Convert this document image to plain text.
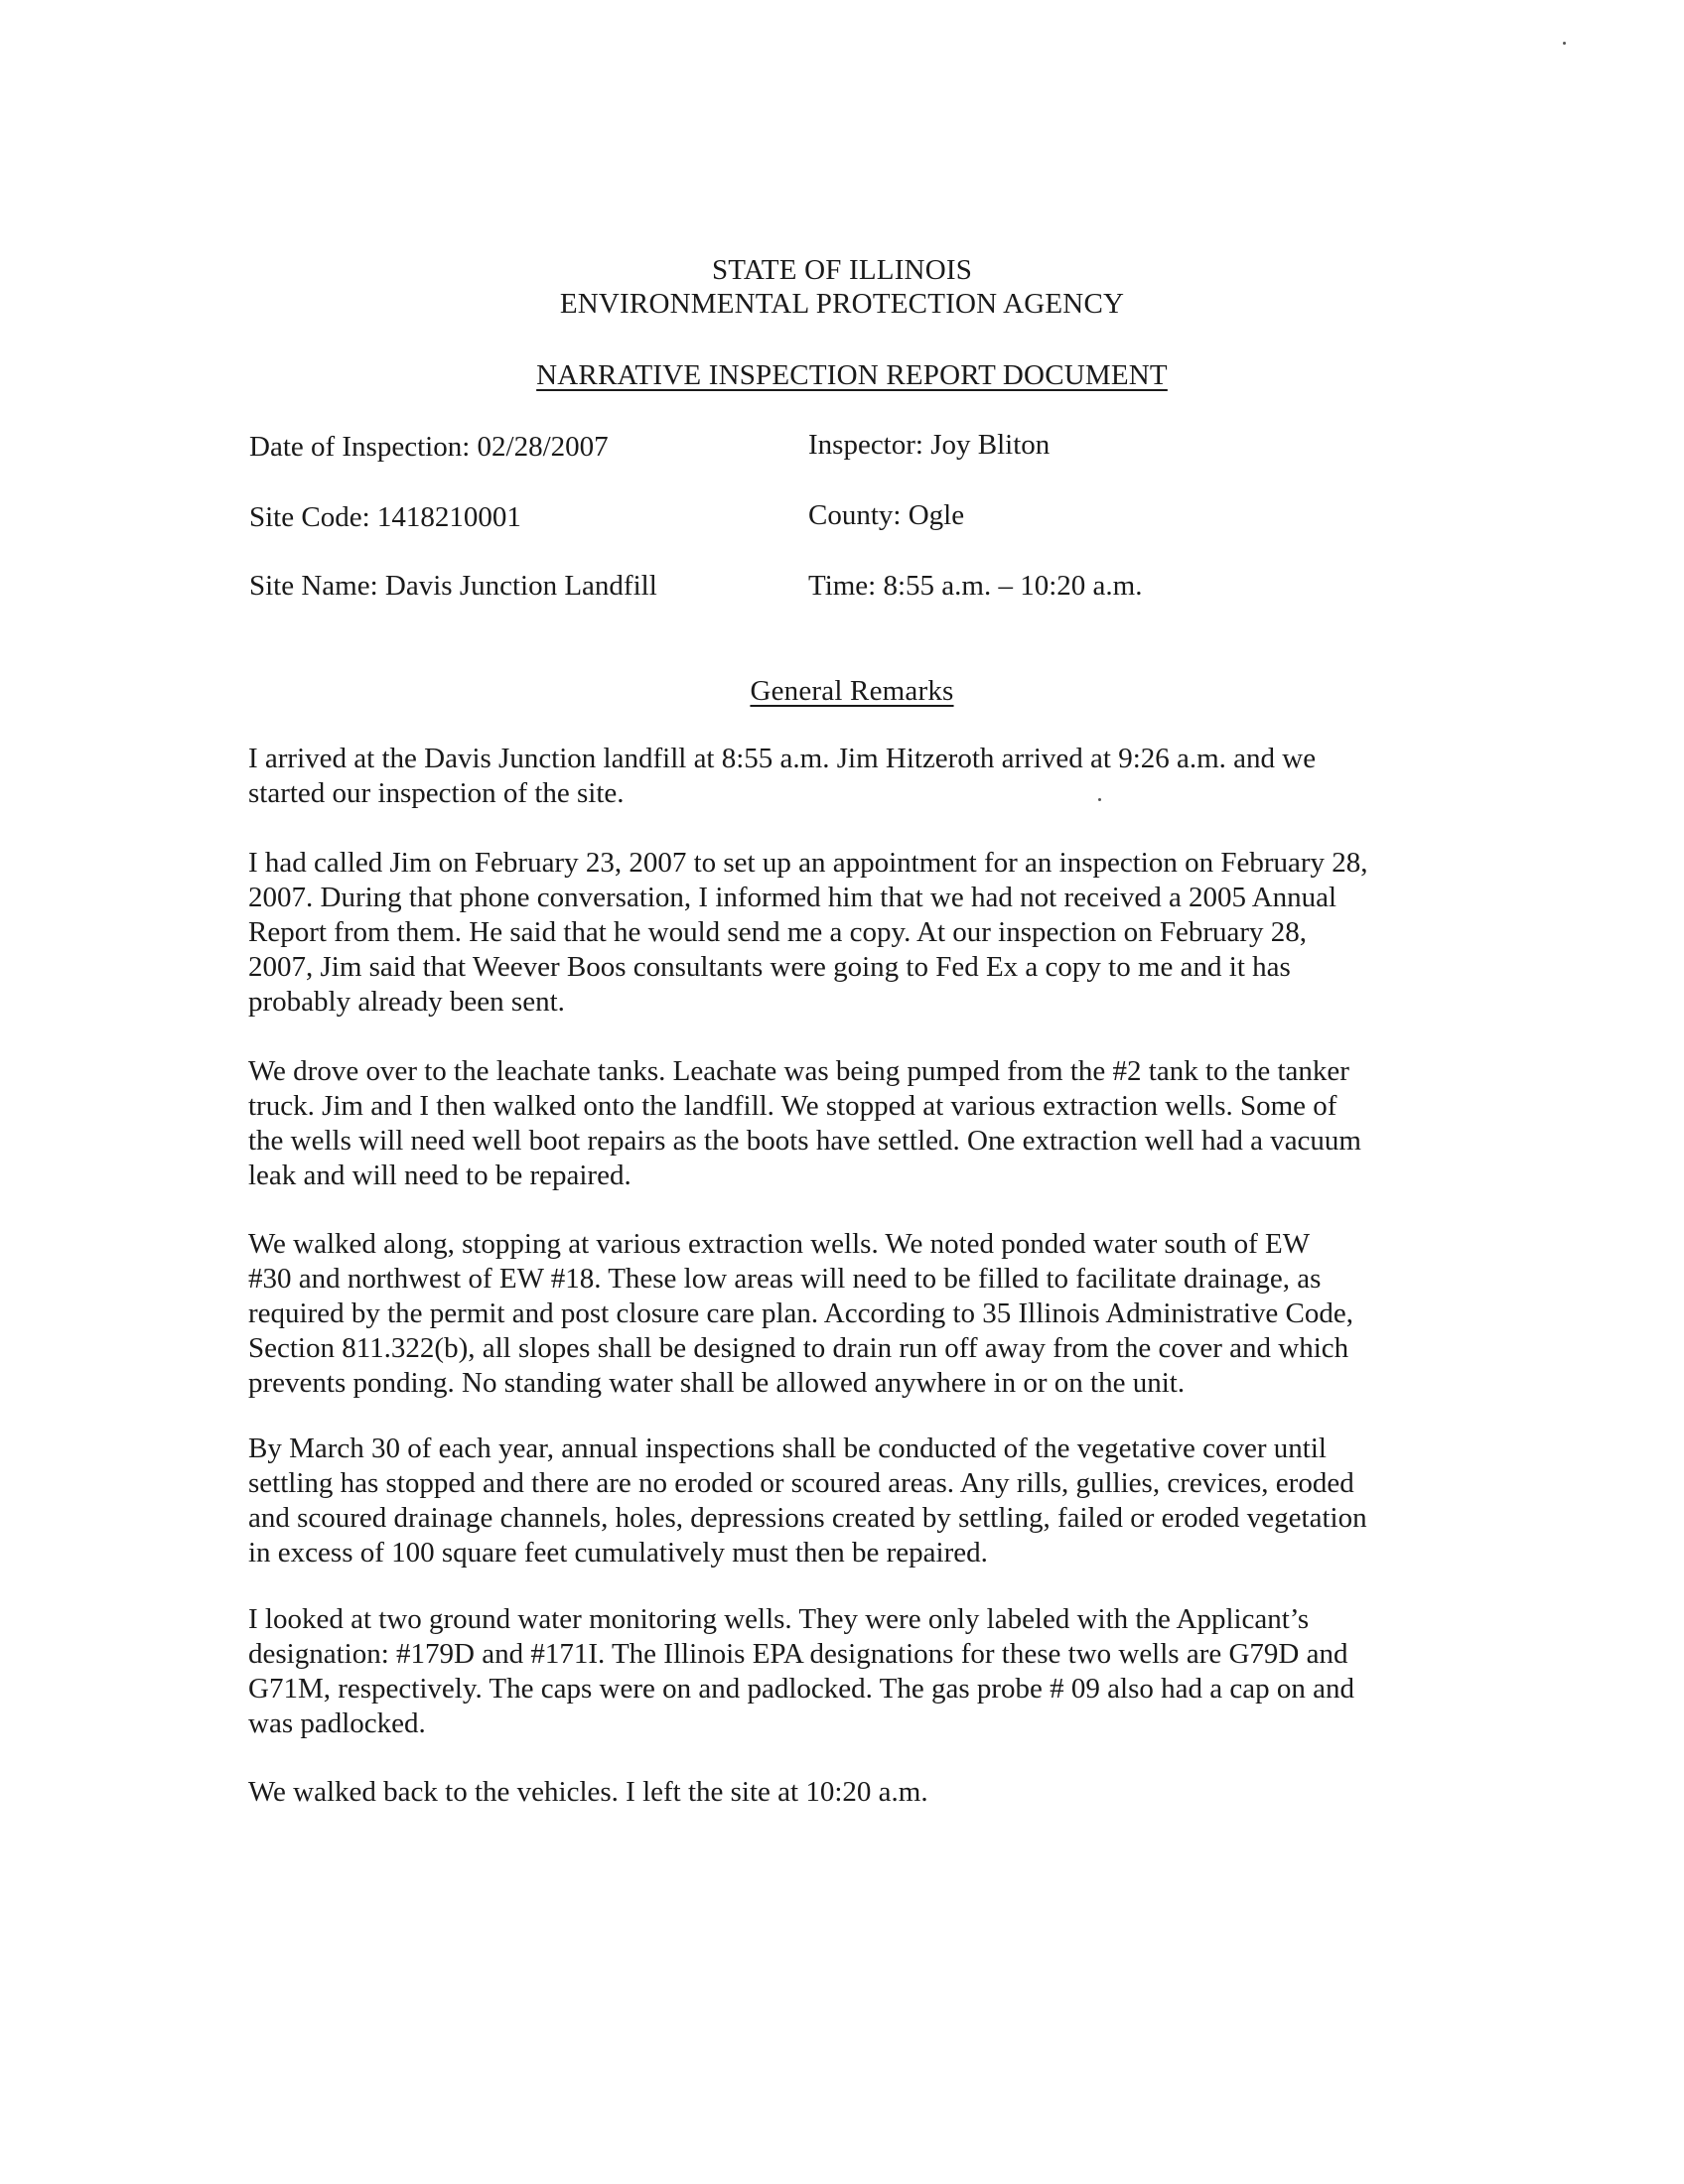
STATE OF ILLINOIS
ENVIRONMENTAL PROTECTION AGENCY
NARRATIVE INSPECTION REPORT DOCUMENT
Date of Inspection: 02/28/2007	Inspector: Joy Bliton
Site Code: 1418210001	County: Ogle
Site Name: Davis Junction Landfill	Time: 8:55 a.m. – 10:20 a.m.
General Remarks
I arrived at the Davis Junction landfill at 8:55 a.m. Jim Hitzeroth arrived at 9:26 a.m. and we
started our inspection of the site.
I had called Jim on February 23, 2007 to set up an appointment for an inspection on February 28,
2007. During that phone conversation, I informed him that we had not received a 2005 Annual
Report from them. He said that he would send me a copy. At our inspection on February 28,
2007, Jim said that Weever Boos consultants were going to Fed Ex a copy to me and it has
probably already been sent.
We drove over to the leachate tanks. Leachate was being pumped from the #2 tank to the tanker
truck. Jim and I then walked onto the landfill. We stopped at various extraction wells. Some of
the wells will need well boot repairs as the boots have settled. One extraction well had a vacuum
leak and will need to be repaired.
We walked along, stopping at various extraction wells. We noted ponded water south of EW
#30 and northwest of EW #18. These low areas will need to be filled to facilitate drainage, as
required by the permit and post closure care plan. According to 35 Illinois Administrative Code,
Section 811.322(b), all slopes shall be designed to drain run off away from the cover and which
prevents ponding. No standing water shall be allowed anywhere in or on the unit.
By March 30 of each year, annual inspections shall be conducted of the vegetative cover until
settling has stopped and there are no eroded or scoured areas. Any rills, gullies, crevices, eroded
and scoured drainage channels, holes, depressions created by settling, failed or eroded vegetation
in excess of 100 square feet cumulatively must then be repaired.
I looked at two ground water monitoring wells. They were only labeled with the Applicant’s
designation: #179D and #171I. The Illinois EPA designations for these two wells are G79D and
G71M, respectively. The caps were on and padlocked. The gas probe # 09 also had a cap on and
was padlocked.
We walked back to the vehicles. I left the site at 10:20 a.m.
